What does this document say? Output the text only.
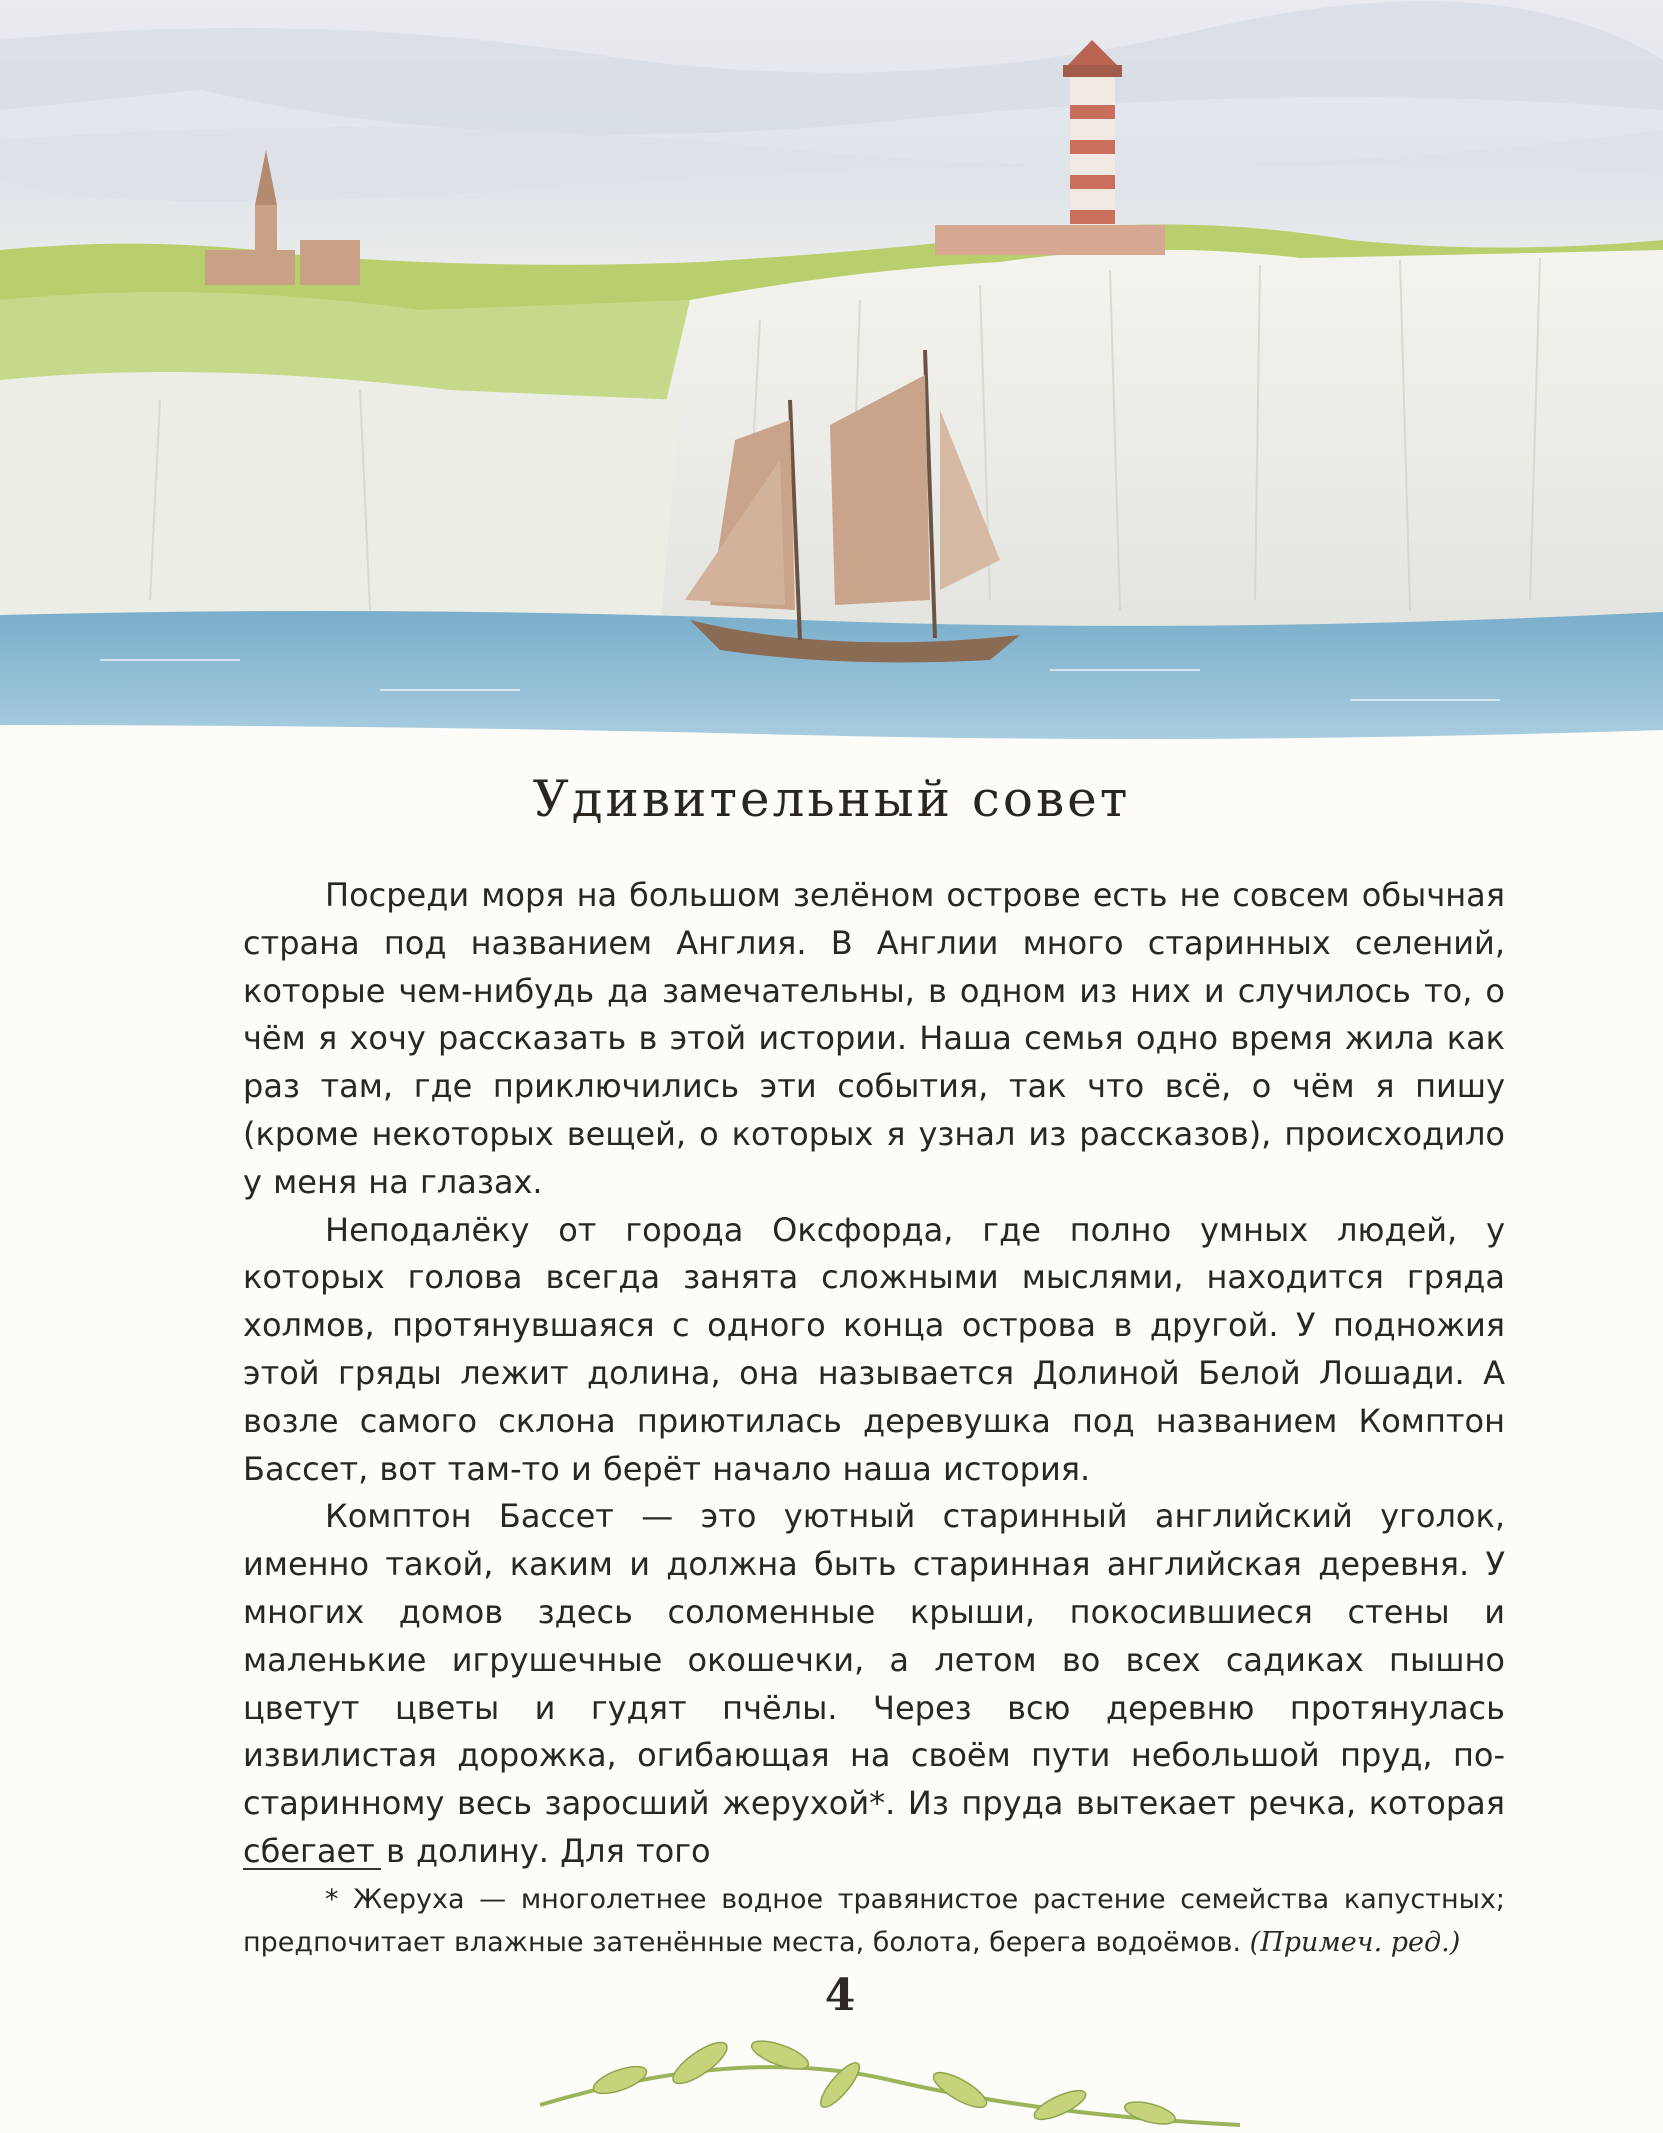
Удивительный совет

Посреди моря на большом зелёном острове есть не совсем обычная страна под названием Англия. В Англии много старинных селений, которые чем-нибудь да замечательны, в одном из них и случилось то, о чём я хочу рассказать в этой истории. Наша семья одно время жила как раз там, где приключились эти события, так что всё, о чём я пишу (кроме некоторых вещей, о которых я узнал из рассказов), происходило у меня на глазах.

Неподалёку от города Оксфорда, где полно умных людей, у которых голова всегда занята сложными мыслями, находится гряда холмов, протянувшаяся с одного конца острова в другой. У подножия этой гряды лежит долина, она называется Долиной Белой Лошади. А возле самого склона приютилась деревушка под названием Комптон Бассет, вот там-то и берёт начало наша история.

Комптон Бассет — это уютный старинный английский уголок, именно такой, каким и должна быть старинная английская деревня. У многих домов здесь соломенные крыши, покосившиеся стены и маленькие игрушечные окошечки, а летом во всех садиках пышно цветут цветы и гудят пчёлы. Через всю деревню протянулась извилистая дорожка, огибающая на своём пути небольшой пруд, по-старинному весь заросший жерухой*. Из пруда вытекает речка, которая сбегает в долину. Для того

* Жеруха — многолетнее водное травянистое растение семейства капустных; предпочитает влажные затенённые места, болота, берега водоёмов. (Примеч. ред.)

4
